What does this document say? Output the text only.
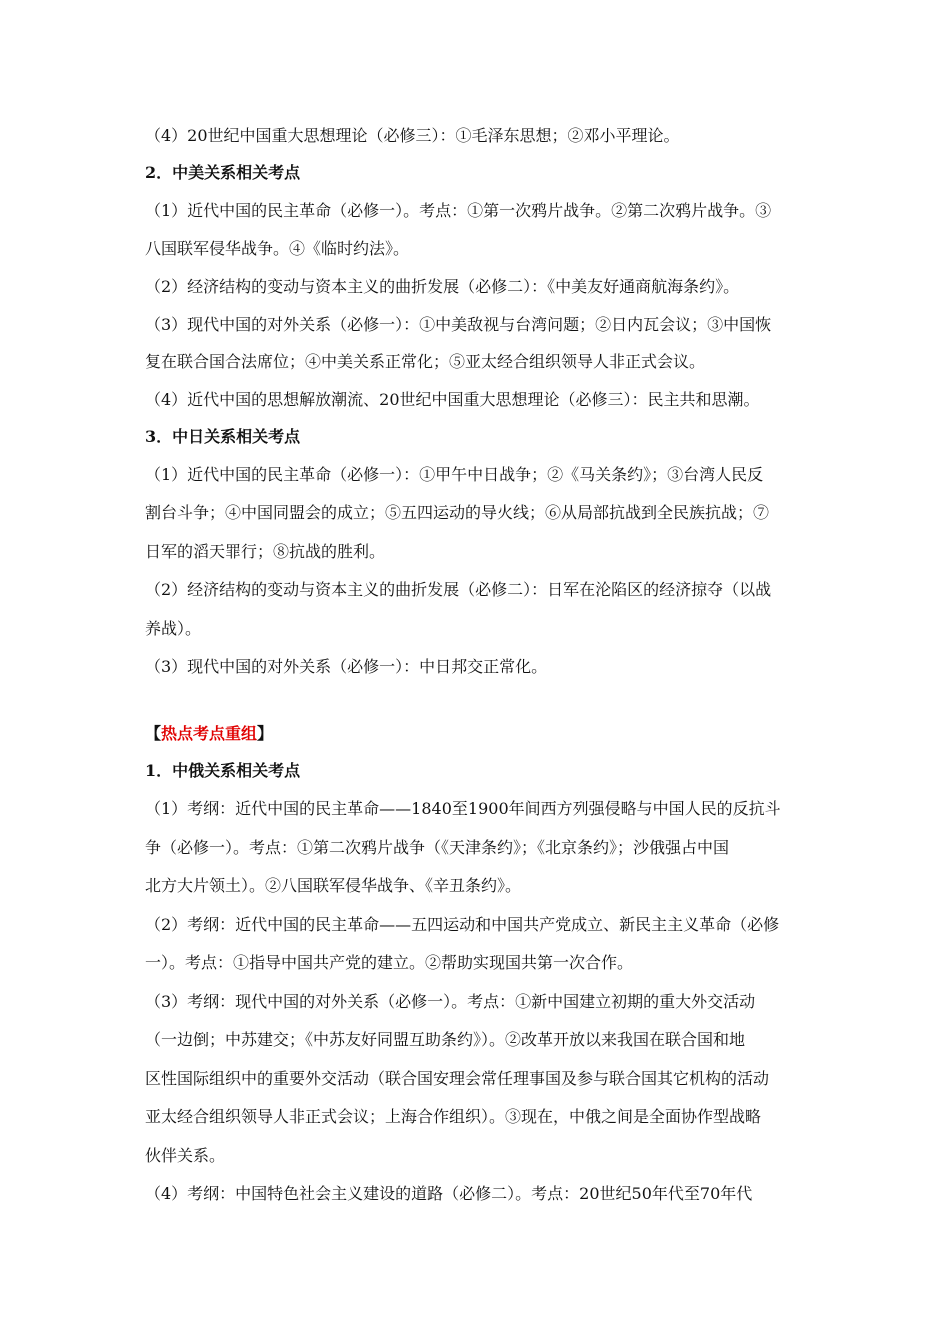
（4）20世纪中国重大思想理论（必修三）：①毛泽东思想；②邓小平理论。
2．中美关系相关考点
（1）近代中国的民主革命（必修一）。考点：①第一次鸦片战争。②第二次鸦片战争。③
八国联军侵华战争。④《临时约法》。
（2）经济结构的变动与资本主义的曲折发展（必修二）：《中美友好通商航海条约》。
（3）现代中国的对外关系（必修一）：①中美敌视与台湾问题；②日内瓦会议；③中国恢
复在联合国合法席位；④中美关系正常化；⑤亚太经合组织领导人非正式会议。
（4）近代中国的思想解放潮流、20世纪中国重大思想理论（必修三）：民主共和思潮。
3．中日关系相关考点
（1）近代中国的民主革命（必修一）：①甲午中日战争；②《马关条约》；③台湾人民反
割台斗争；④中国同盟会的成立；⑤五四运动的导火线；⑥从局部抗战到全民族抗战；⑦
日军的滔天罪行；⑧抗战的胜利。
（2）经济结构的变动与资本主义的曲折发展（必修二）：日军在沦陷区的经济掠夺（以战
养战）。
（3）现代中国的对外关系（必修一）：中日邦交正常化。
【热点考点重组】
1．中俄关系相关考点
（1）考纲：近代中国的民主革命——1840至1900年间西方列强侵略与中国人民的反抗斗
争（必修一）。考点：①第二次鸦片战争（《天津条约》；《北京条约》；沙俄强占中国
北方大片领土）。②八国联军侵华战争、《辛丑条约》。
（2）考纲：近代中国的民主革命——五四运动和中国共产党成立、新民主主义革命（必修
一）。考点：①指导中国共产党的建立。②帮助实现国共第一次合作。
（3）考纲：现代中国的对外关系（必修一）。考点：①新中国建立初期的重大外交活动
（一边倒；中苏建交；《中苏友好同盟互助条约》）。②改革开放以来我国在联合国和地
区性国际组织中的重要外交活动（联合国安理会常任理事国及参与联合国其它机构的活动
亚太经合组织领导人非正式会议；上海合作组织）。③现在，中俄之间是全面协作型战略
伙伴关系。
（4）考纲：中国特色社会主义建设的道路（必修二）。考点：20世纪50年代至70年代
